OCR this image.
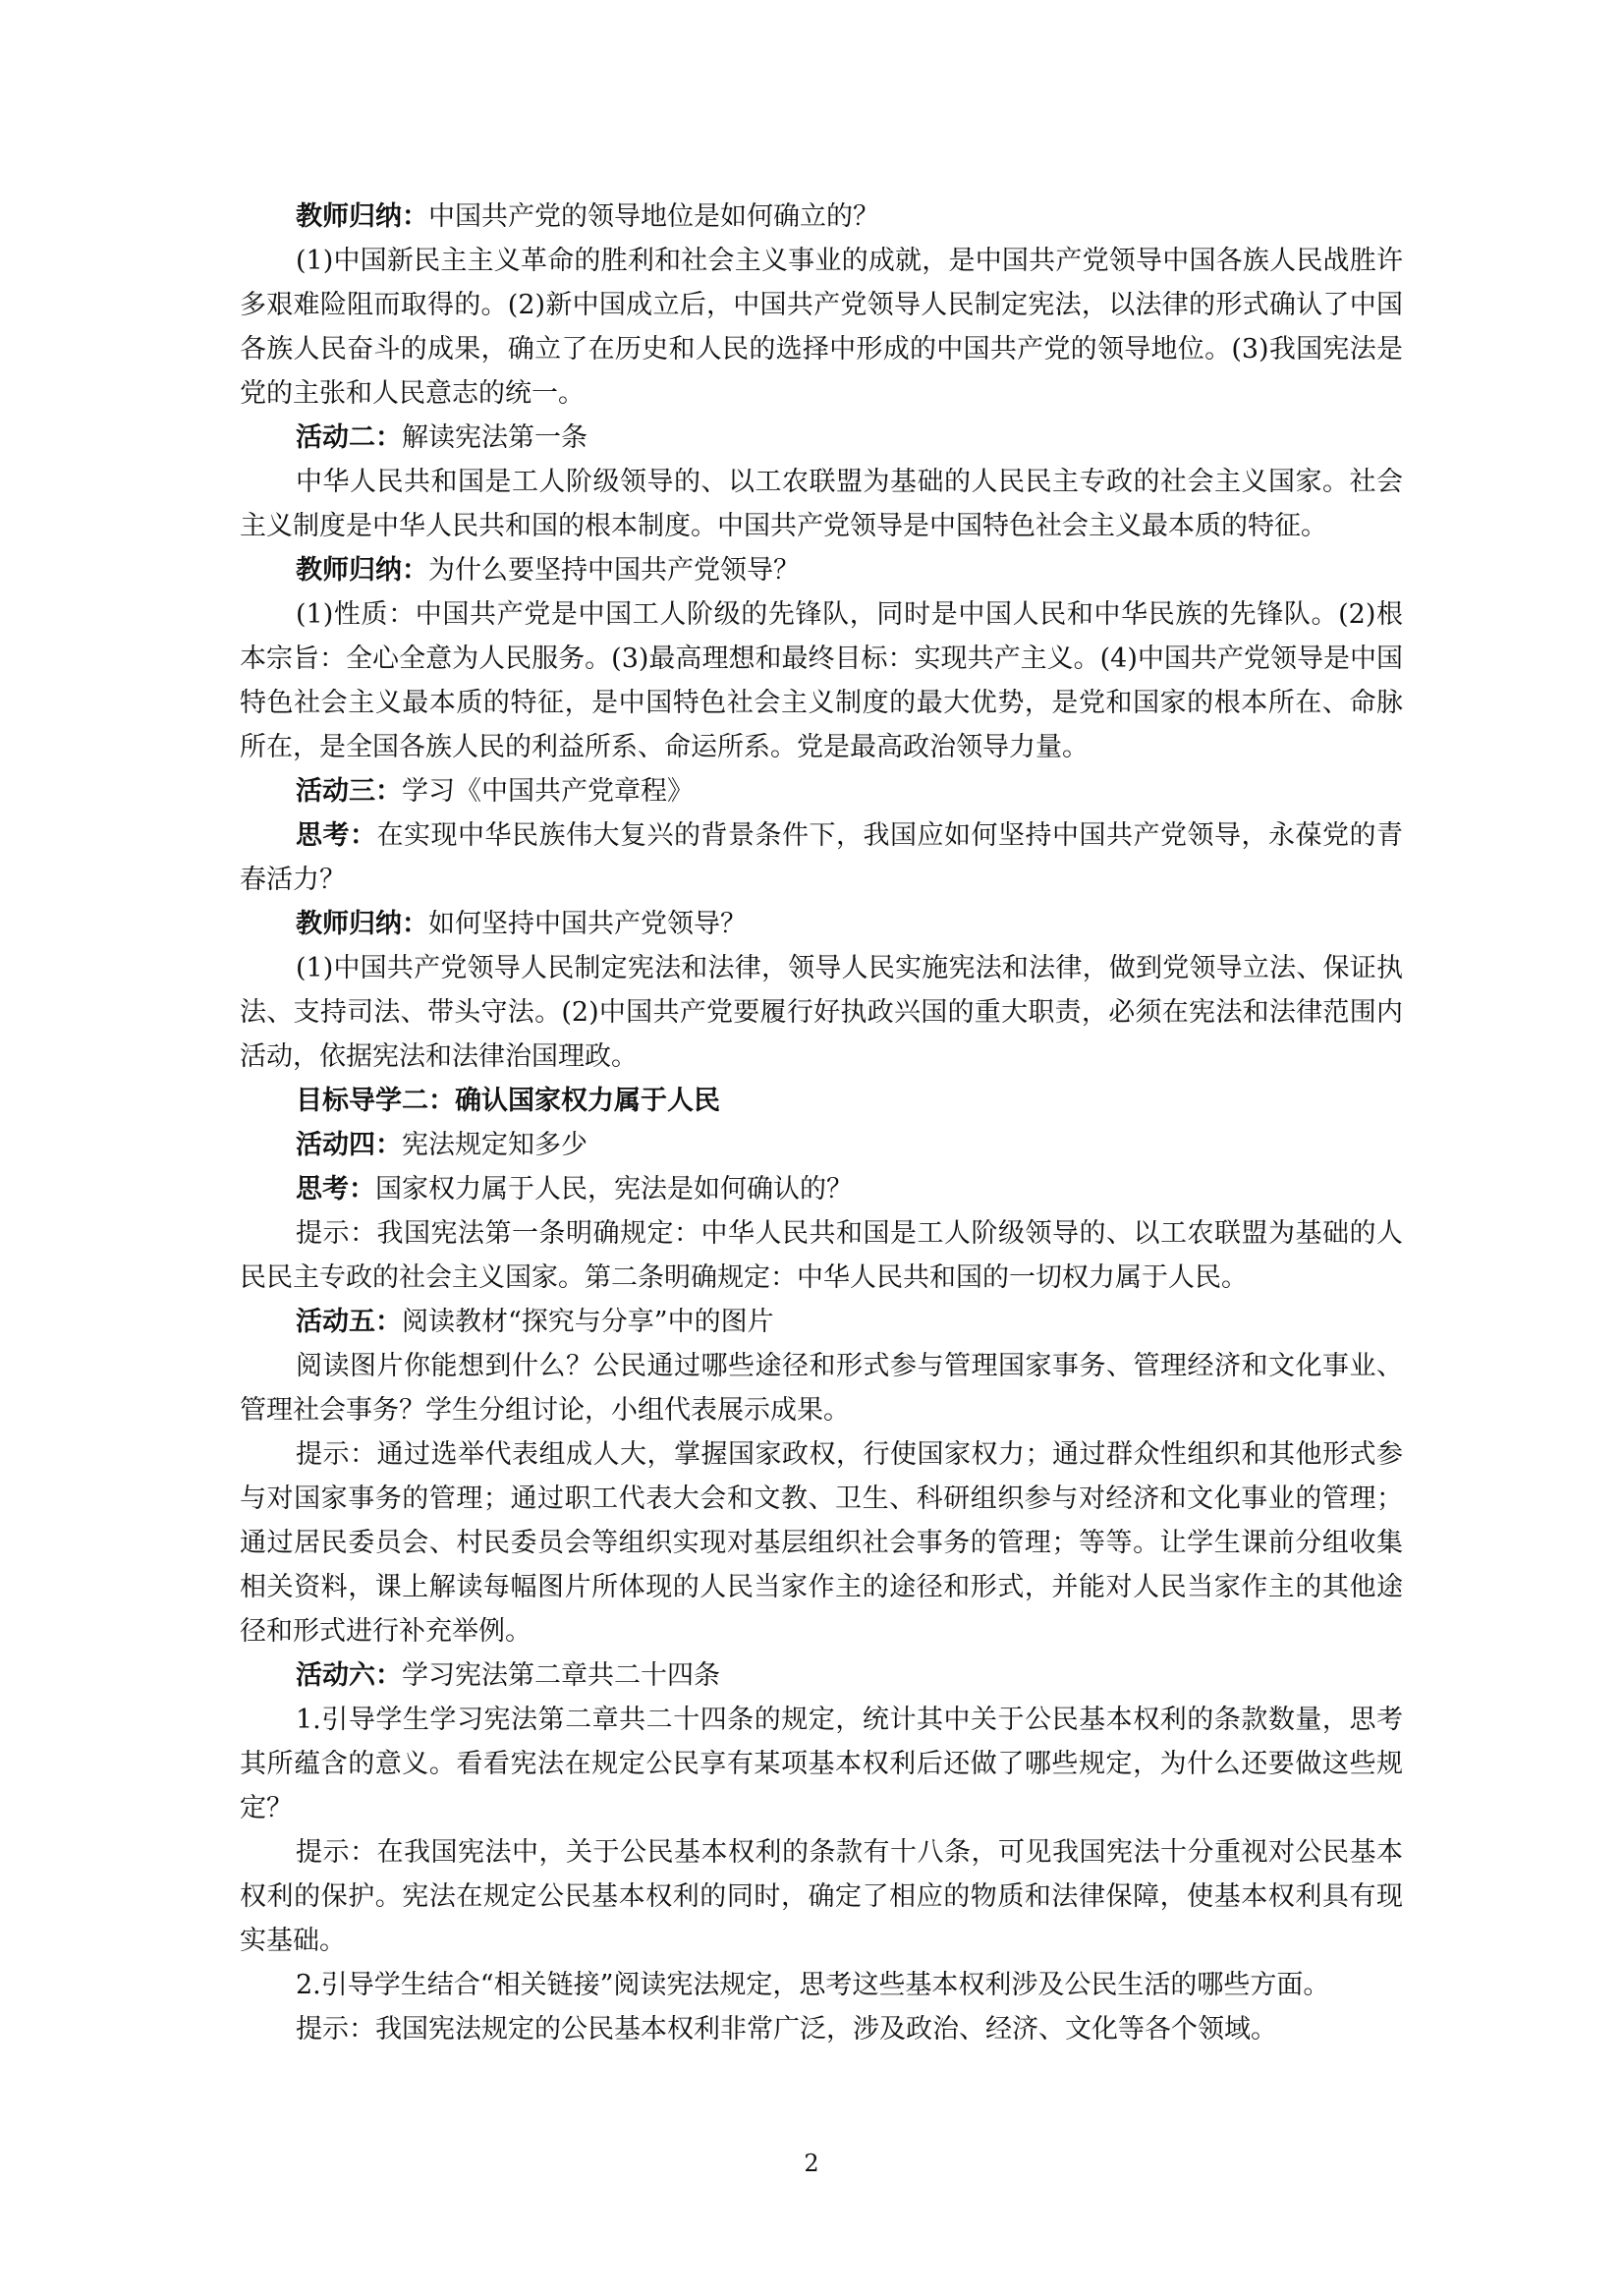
教师归纳：中国共产党的领导地位是如何确立的？

(1)中国新民主主义革命的胜利和社会主义事业的成就，是中国共产党领导中国各族人民战胜许多艰难险阻而取得的。(2)新中国成立后，中国共产党领导人民制定宪法，以法律的形式确认了中国各族人民奋斗的成果，确立了在历史和人民的选择中形成的中国共产党的领导地位。(3)我国宪法是党的主张和人民意志的统一。

活动二：解读宪法第一条

中华人民共和国是工人阶级领导的、以工农联盟为基础的人民民主专政的社会主义国家。社会主义制度是中华人民共和国的根本制度。中国共产党领导是中国特色社会主义最本质的特征。

教师归纳：为什么要坚持中国共产党领导？

(1)性质：中国共产党是中国工人阶级的先锋队，同时是中国人民和中华民族的先锋队。(2)根本宗旨：全心全意为人民服务。(3)最高理想和最终目标：实现共产主义。(4)中国共产党领导是中国特色社会主义最本质的特征，是中国特色社会主义制度的最大优势，是党和国家的根本所在、命脉所在，是全国各族人民的利益所系、命运所系。党是最高政治领导力量。

活动三：学习《中国共产党章程》

思考：在实现中华民族伟大复兴的背景条件下，我国应如何坚持中国共产党领导，永葆党的青春活力？

教师归纳：如何坚持中国共产党领导？

(1)中国共产党领导人民制定宪法和法律，领导人民实施宪法和法律，做到党领导立法、保证执法、支持司法、带头守法。(2)中国共产党要履行好执政兴国的重大职责，必须在宪法和法律范围内活动，依据宪法和法律治国理政。

目标导学二：确认国家权力属于人民

活动四：宪法规定知多少

思考：国家权力属于人民，宪法是如何确认的？

提示：我国宪法第一条明确规定：中华人民共和国是工人阶级领导的、以工农联盟为基础的人民民主专政的社会主义国家。第二条明确规定：中华人民共和国的一切权力属于人民。

活动五：阅读教材“探究与分享”中的图片

阅读图片你能想到什么？公民通过哪些途径和形式参与管理国家事务、管理经济和文化事业、管理社会事务？学生分组讨论，小组代表展示成果。

提示：通过选举代表组成人大，掌握国家政权，行使国家权力；通过群众性组织和其他形式参与对国家事务的管理；通过职工代表大会和文教、卫生、科研组织参与对经济和文化事业的管理；通过居民委员会、村民委员会等组织实现对基层组织社会事务的管理；等等。让学生课前分组收集相关资料，课上解读每幅图片所体现的人民当家作主的途径和形式，并能对人民当家作主的其他途径和形式进行补充举例。

活动六：学习宪法第二章共二十四条

1.引导学生学习宪法第二章共二十四条的规定，统计其中关于公民基本权利的条款数量，思考其所蕴含的意义。看看宪法在规定公民享有某项基本权利后还做了哪些规定，为什么还要做这些规定？

提示：在我国宪法中，关于公民基本权利的条款有十八条，可见我国宪法十分重视对公民基本权利的保护。宪法在规定公民基本权利的同时，确定了相应的物质和法律保障，使基本权利具有现实基础。

2.引导学生结合“相关链接”阅读宪法规定，思考这些基本权利涉及公民生活的哪些方面。

提示：我国宪法规定的公民基本权利非常广泛，涉及政治、经济、文化等各个领域。

2
